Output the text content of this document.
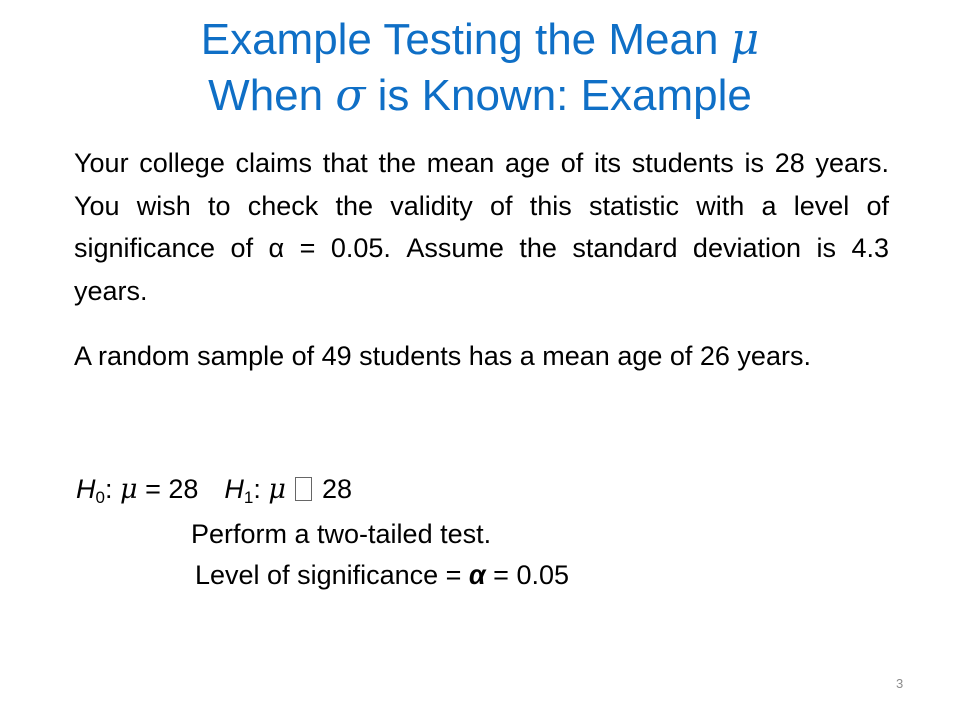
Example Testing the Mean μ
When σ is Known: Example
Your college claims that the mean age of its students is 28 years. You wish to check the validity of this statistic with a level of significance of α = 0.05. Assume the standard deviation is 4.3 years.
A random sample of 49 students has a mean age of 26 years.
$H_0$: μ = 28 $H_1$: μ 28
Perform a two-tailed test.
Level of significance = α = 0.05
3
